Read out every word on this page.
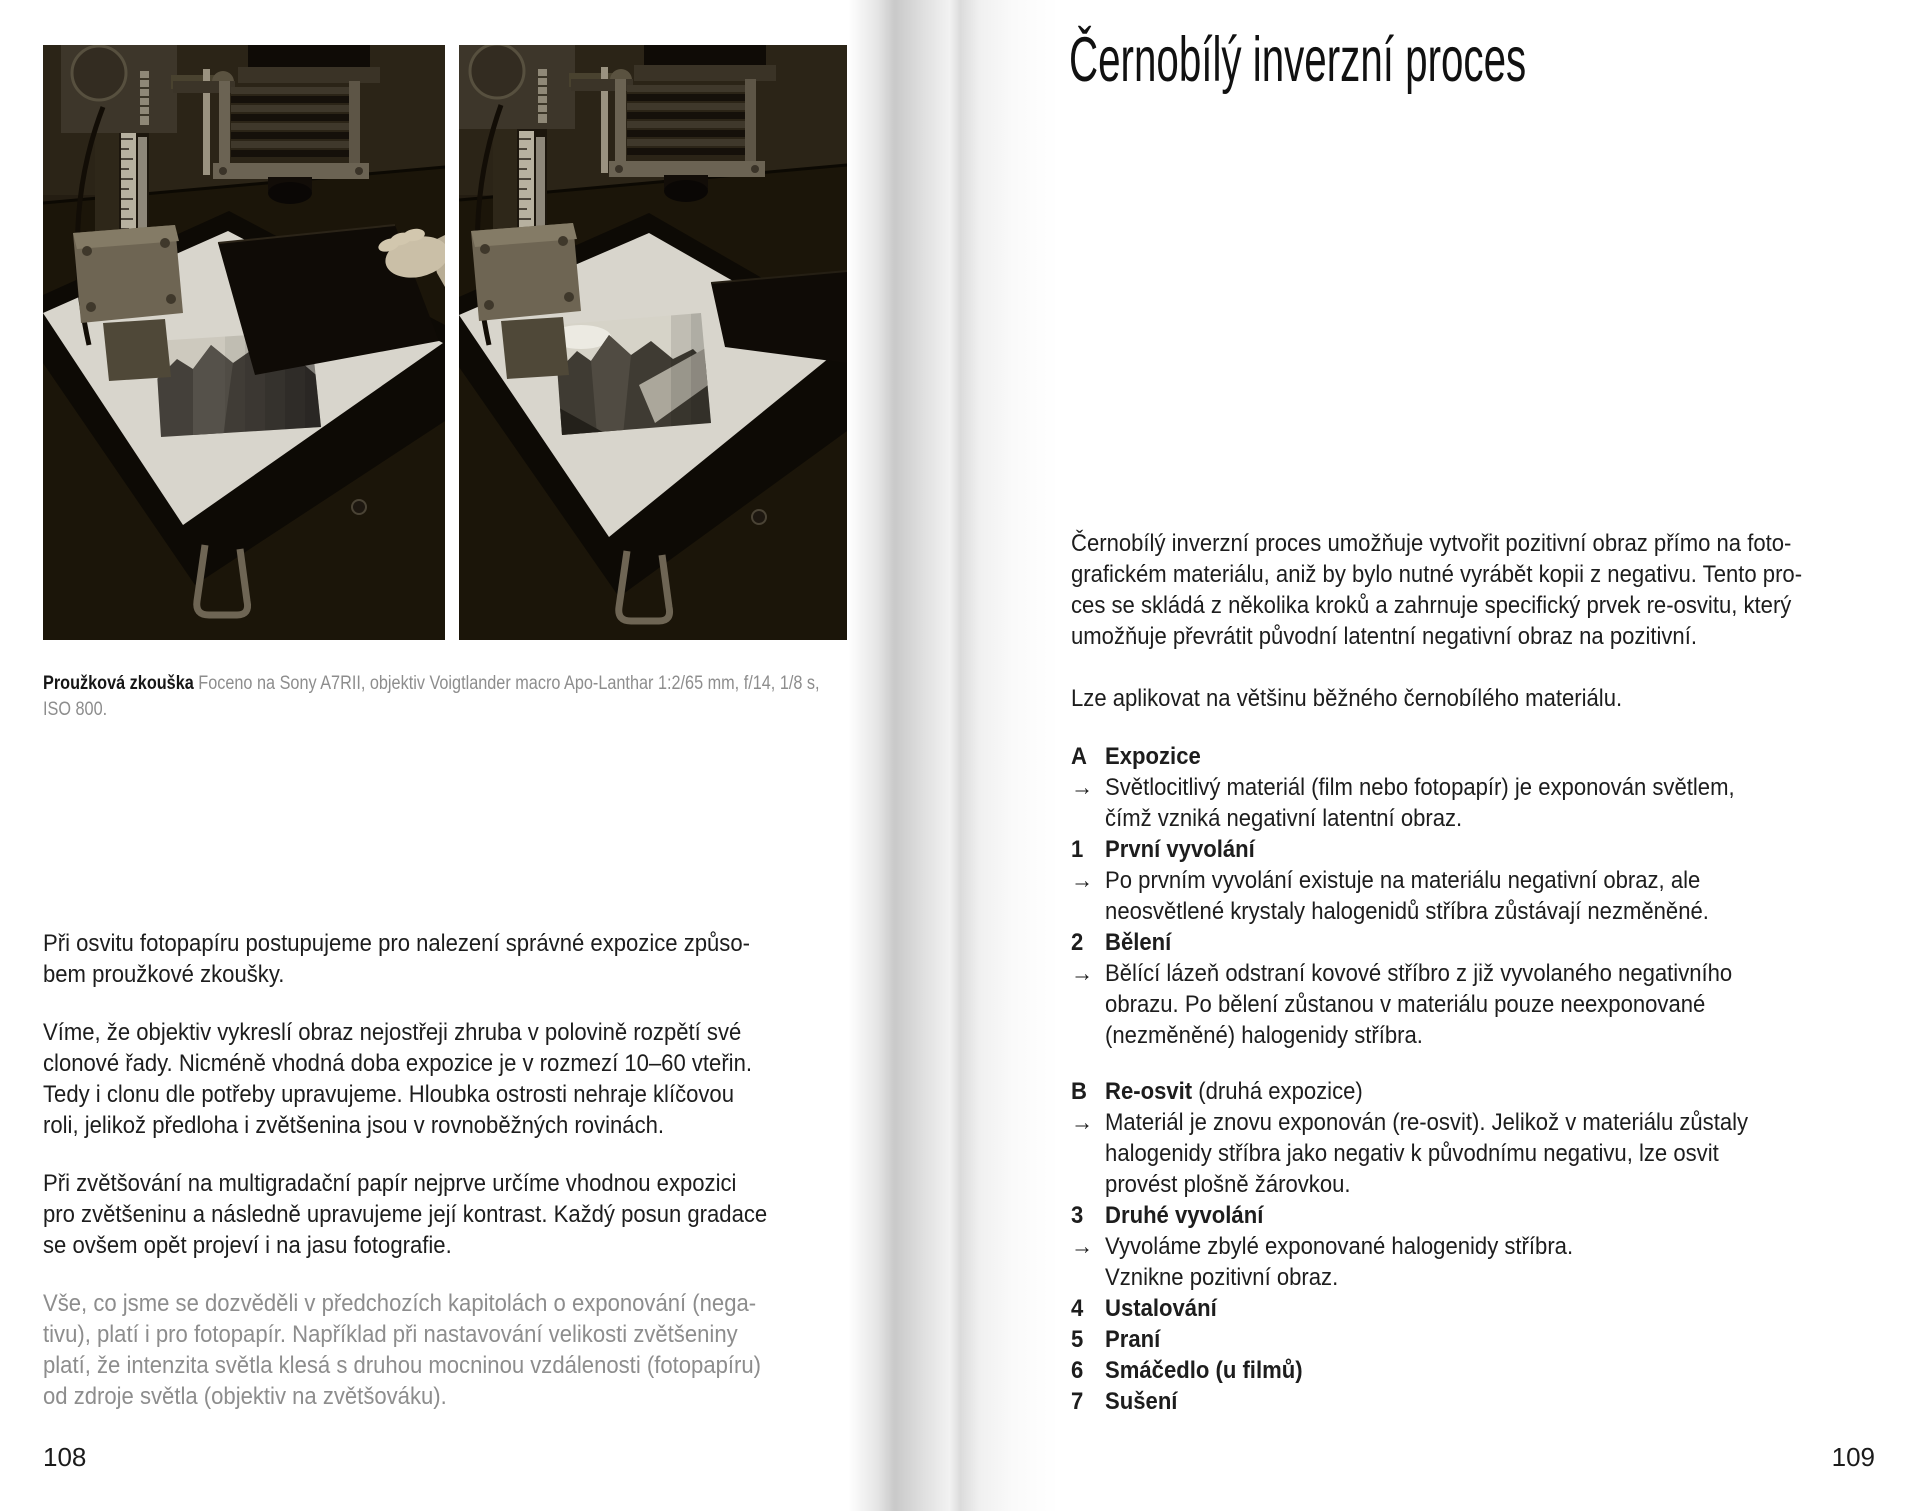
Proužková zkouška Foceno na Sony A7RII, objektiv Voigtlander macro Apo-Lanthar 1:2/65 mm, f/14, 1/8 s, ISO 800.

Při osvitu fotopapíru postupujeme pro nalezení správné expozice způso-
bem proužkové zkoušky.
Víme, že objektiv vykreslí obraz nejostřeji zhruba v polovině rozpětí své
clonové řady. Nicméně vhodná doba expozice je v rozmezí 10–60 vteřin.
Tedy i clonu dle potřeby upravujeme. Hloubka ostrosti nehraje klíčovou
roli, jelikož předloha i zvětšenina jsou v rovnoběžných rovinách.
Při zvětšování na multigradační papír nejprve určíme vhodnou expozici
pro zvětšeninu a následně upravujeme její kontrast. Každý posun gradace
se ovšem opět projeví i na jasu fotografie.
Vše, co jsme se dozvěděli v předchozích kapitolách o exponování (nega-
tivu), platí i pro fotopapír. Například při nastavování velikosti zvětšeniny
platí, že intenzita světla klesá s druhou mocninou vzdálenosti (fotopapíru)
od zdroje světla (objektiv na zvětšováku).
108
Černobílý inverzní proces
Černobílý inverzní proces umožňuje vytvořit pozitivní obraz přímo na foto-
grafickém materiálu, aniž by bylo nutné vyrábět kopii z negativu. Tento pro-
ces se skládá z několika kroků a zahrnuje specifický prvek re-osvitu, který
umožňuje převrátit původní latentní negativní obraz na pozitivní.
Lze aplikovat na většinu běžného černobílého materiálu.
A Expozice
→ Světlocitlivý materiál (film nebo fotopapír) je exponován světlem,
čímž vzniká negativní latentní obraz.
1 První vyvolání
→ Po prvním vyvolání existuje na materiálu negativní obraz, ale
neosvětlené krystaly halogenidů stříbra zůstávají nezměněné.
2 Bělení
→ Bělící lázeň odstraní kovové stříbro z již vyvolaného negativního
obrazu. Po bělení zůstanou v materiálu pouze neexponované
(nezměněné) halogenidy stříbra.
B Re-osvit (druhá expozice)
→ Materiál je znovu exponován (re-osvit). Jelikož v materiálu zůstaly
halogenidy stříbra jako negativ k původnímu negativu, lze osvit
provést plošně žárovkou.
3 Druhé vyvolání
→ Vyvoláme zbylé exponované halogenidy stříbra.
Vznikne pozitivní obraz.
4 Ustalování
5 Praní
6 Smáčedlo (u filmů)
7 Sušení
109
